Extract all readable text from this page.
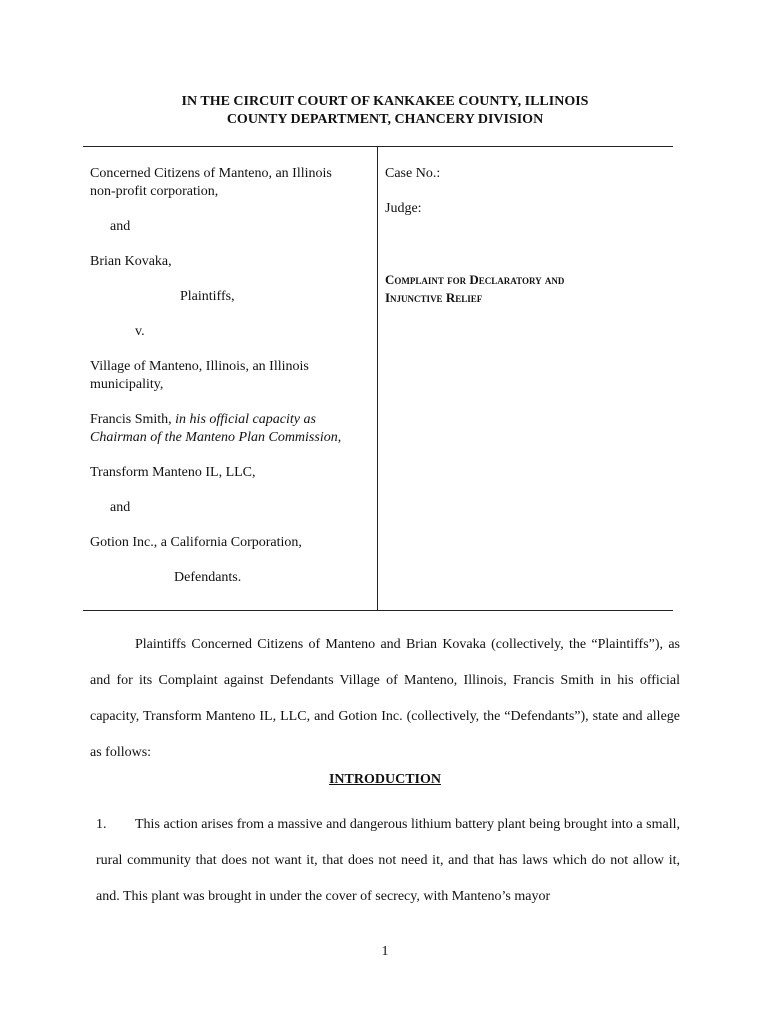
IN THE CIRCUIT COURT OF KANKAKEE COUNTY, ILLINOIS
COUNTY DEPARTMENT, CHANCERY DIVISION

Concerned Citizens of Manteno, an Illinois

non-profit corporation,

and

Brian Kovaka,

Plaintiffs,

v.

Village of Manteno, Illinois, an Illinois

municipality,

Francis Smith, in his official capacity as

Chairman of the Manteno Plan Commission,

Transform Manteno IL, LLC,

and

Gotion Inc., a California Corporation,

Defendants.

Case No.:

Judge:

Complaint for Declaratory and

Injunctive Relief

Plaintiffs Concerned Citizens of Manteno and Brian Kovaka (collectively, the “Plaintiffs”), as and for its Complaint against Defendants Village of Manteno, Illinois, Francis Smith in his official capacity, Transform Manteno IL, LLC, and Gotion Inc. (collectively, the “Defendants”), state and allege as follows:

INTRODUCTION
1. This action arises from a massive and dangerous lithium battery plant being brought into a small, rural community that does not want it, that does not need it, and that has laws which do not allow it, and. This plant was brought in under the cover of secrecy, with Manteno’s mayor
1
